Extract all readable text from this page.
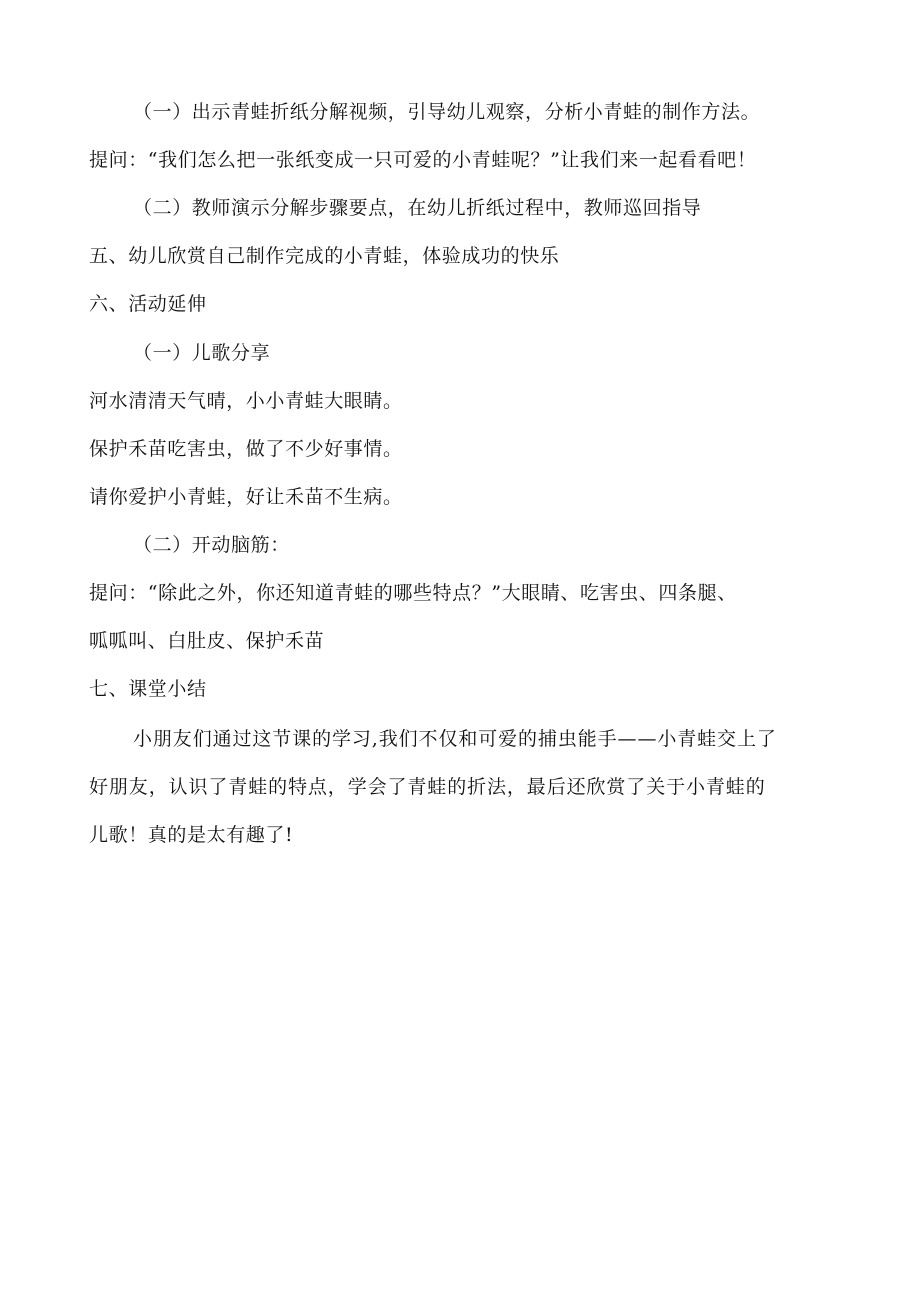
（一）出示青蛙折纸分解视频，引导幼儿观察，分析小青蛙的制作方法。
提问：“我们怎么把一张纸变成一只可爱的小青蛙呢？”让我们来一起看看吧！
（二）教师演示分解步骤要点，在幼儿折纸过程中，教师巡回指导
五、幼儿欣赏自己制作完成的小青蛙，体验成功的快乐
六、活动延伸
（一）儿歌分享
河水清清天气晴，小小青蛙大眼睛。
保护禾苗吃害虫，做了不少好事情。
请你爱护小青蛙，好让禾苗不生病。
（二）开动脑筋：
提问：“除此之外，你还知道青蛙的哪些特点？”大眼睛、吃害虫、四条腿、
呱呱叫、白肚皮、保护禾苗
七、课堂小结
小朋友们通过这节课的学习,我们不仅和可爱的捕虫能手——小青蛙交上了
好朋友，认识了青蛙的特点，学会了青蛙的折法，最后还欣赏了关于小青蛙的
儿歌！真的是太有趣了!
